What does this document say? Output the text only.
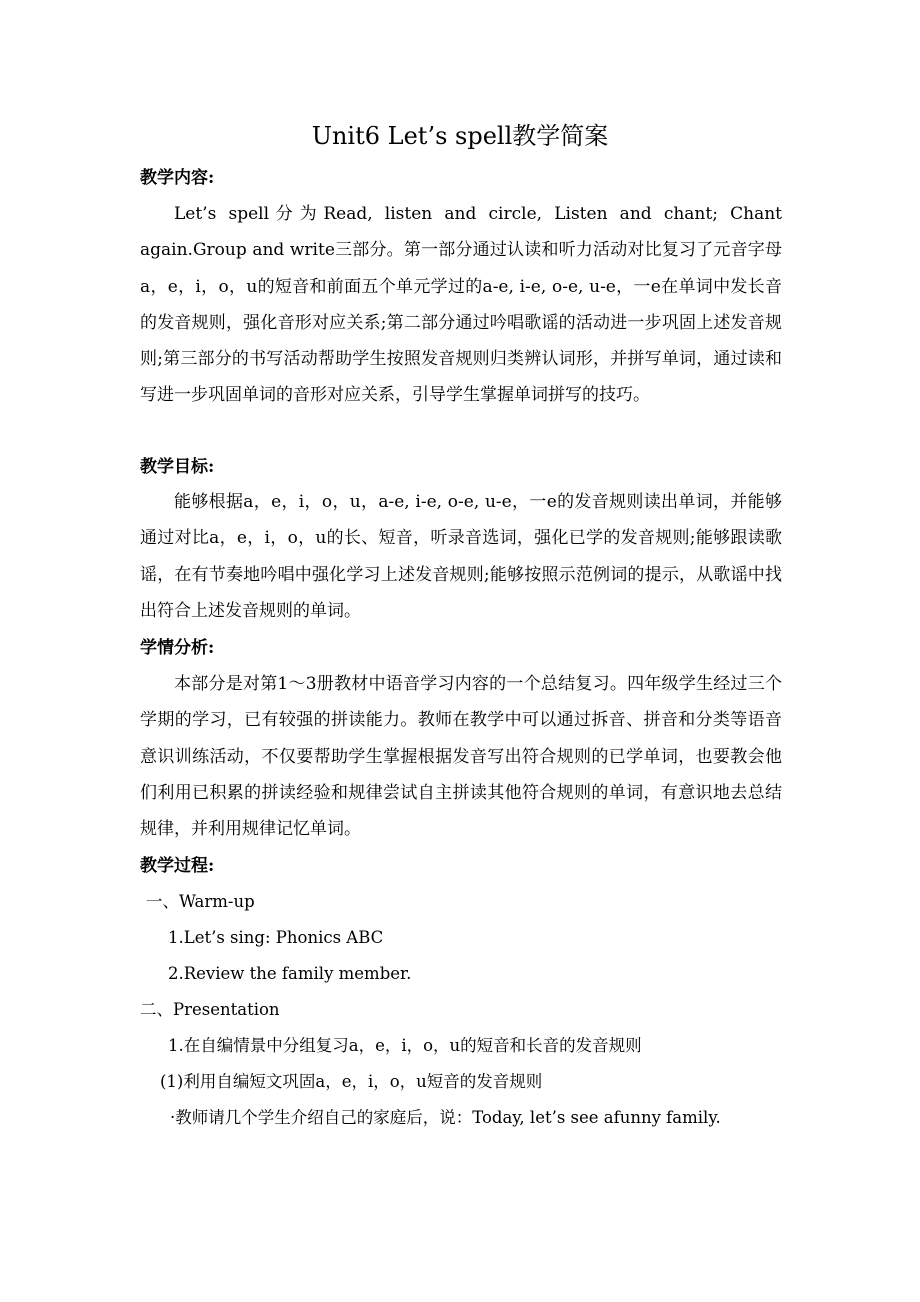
Unit6 Let’s spell教学简案
教学内容:

Let’s spell分为Read, listen and circle, Listen and chant; Chant again.Group and write三部分。第一部分通过认读和听力活动对比复习了元音字母a，e，i，o，u的短音和前面五个单元学过的a-e, i-e, o-e, u-e，一e在单词中发长音的发音规则，强化音形对应关系;第二部分通过吟唱歌谣的活动进一步巩固上述发音规则;第三部分的书写活动帮助学生按照发音规则归类辨认词形，并拼写单词，通过读和写进一步巩固单词的音形对应关系，引导学生掌握单词拼写的技巧。

教学目标:

能够根据a，e，i，o，u，a-e, i-e, o-e, u-e，一e的发音规则读出单词，并能够通过对比a，e，i，o，u的长、短音，听录音选词，强化已学的发音规则;能够跟读歌谣，在有节奏地吟唱中强化学习上述发音规则;能够按照示范例词的提示，从歌谣中找出符合上述发音规则的单词。

学情分析:

本部分是对第1～3册教材中语音学习内容的一个总结复习。四年级学生经过三个学期的学习，已有较强的拼读能力。教师在教学中可以通过拆音、拼音和分类等语音意识训练活动，不仅要帮助学生掌握根据发音写出符合规则的已学单词，也要教会他们利用已积累的拼读经验和规律尝试自主拼读其他符合规则的单词，有意识地去总结规律，并利用规律记忆单词。

教学过程:
一、Warm-up
1.Let’s sing: Phonics ABC
2.Review the family member.
二、Presentation
1.在自编情景中分组复习a，e，i，o，u的短音和长音的发音规则
(1)利用自编短文巩固a，e，i，o，u短音的发音规则

·教师请几个学生介绍自己的家庭后，说：Today, let’s see afunny family.
